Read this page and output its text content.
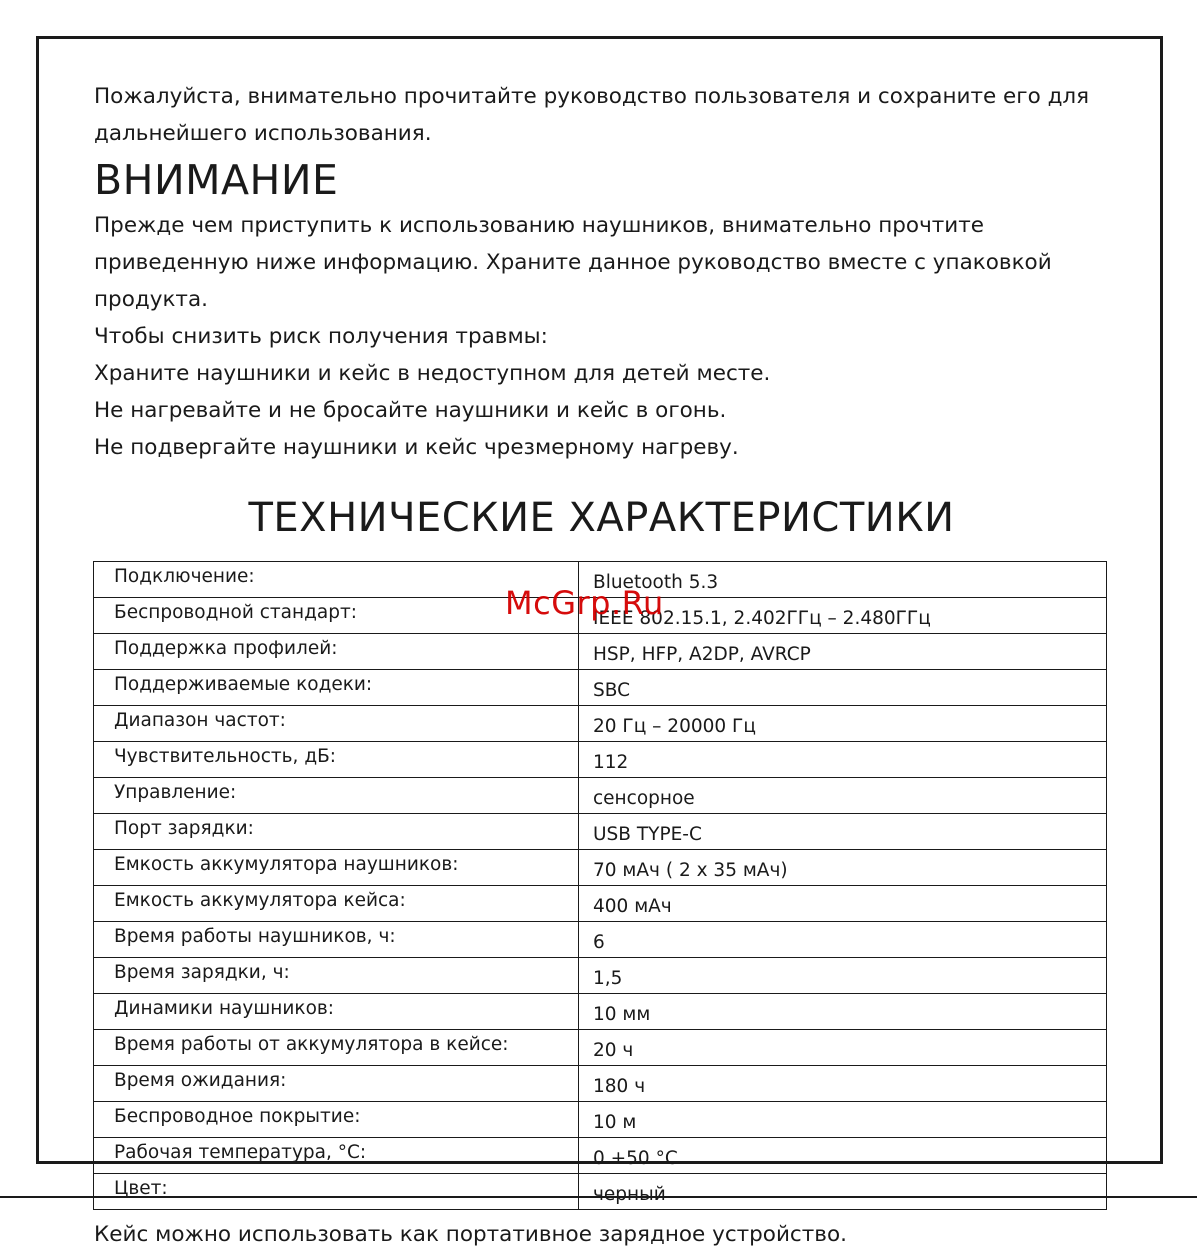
Пожалуйста, внимательно прочитайте руководство пользователя и сохраните его для дальнейшего использования.

ВНИМАНИЕ

Прежде чем приступить к использованию наушников, внимательно прочтите приведенную ниже информацию. Храните данное руководство вместе с упаковкой продукта.

Чтобы снизить риск получения травмы:

Храните наушники и кейс в недоступном для детей месте.

Не нагревайте и не бросайте наушники и кейс в огонь.

Не подвергайте наушники и кейс чрезмерному нагреву.

ТЕХНИЧЕСКИЕ ХАРАКТЕРИСТИКИ
Подключение:	Bluetooth 5.3
Беспроводной стандарт:	IEEE 802.15.1, 2.402ГГц – 2.480ГГц
Поддержка профилей:	HSP, HFP, A2DP, AVRCP
Поддерживаемые кодеки:	SBC
Диапазон частот:	20 Гц – 20000 Гц
Чувствительность, дБ:	112
Управление:	сенсорное
Порт зарядки:	USB TYPE-C
Емкость аккумулятора наушников:	70 мАч ( 2 х 35 мАч)
Емкость аккумулятора кейса:	400 мАч
Время работы наушников, ч:	6
Время зарядки, ч:	1,5
Динамики наушников:	10 мм
Время работы от аккумулятора в кейсе:	20 ч
Время ожидания:	180 ч
Беспроводное покрытие:	10 м
Рабочая температура, °С:	0 +50 °С
Цвет:	черный

Кейс можно использовать как портативное зарядное устройство.

McGrp.Ru
